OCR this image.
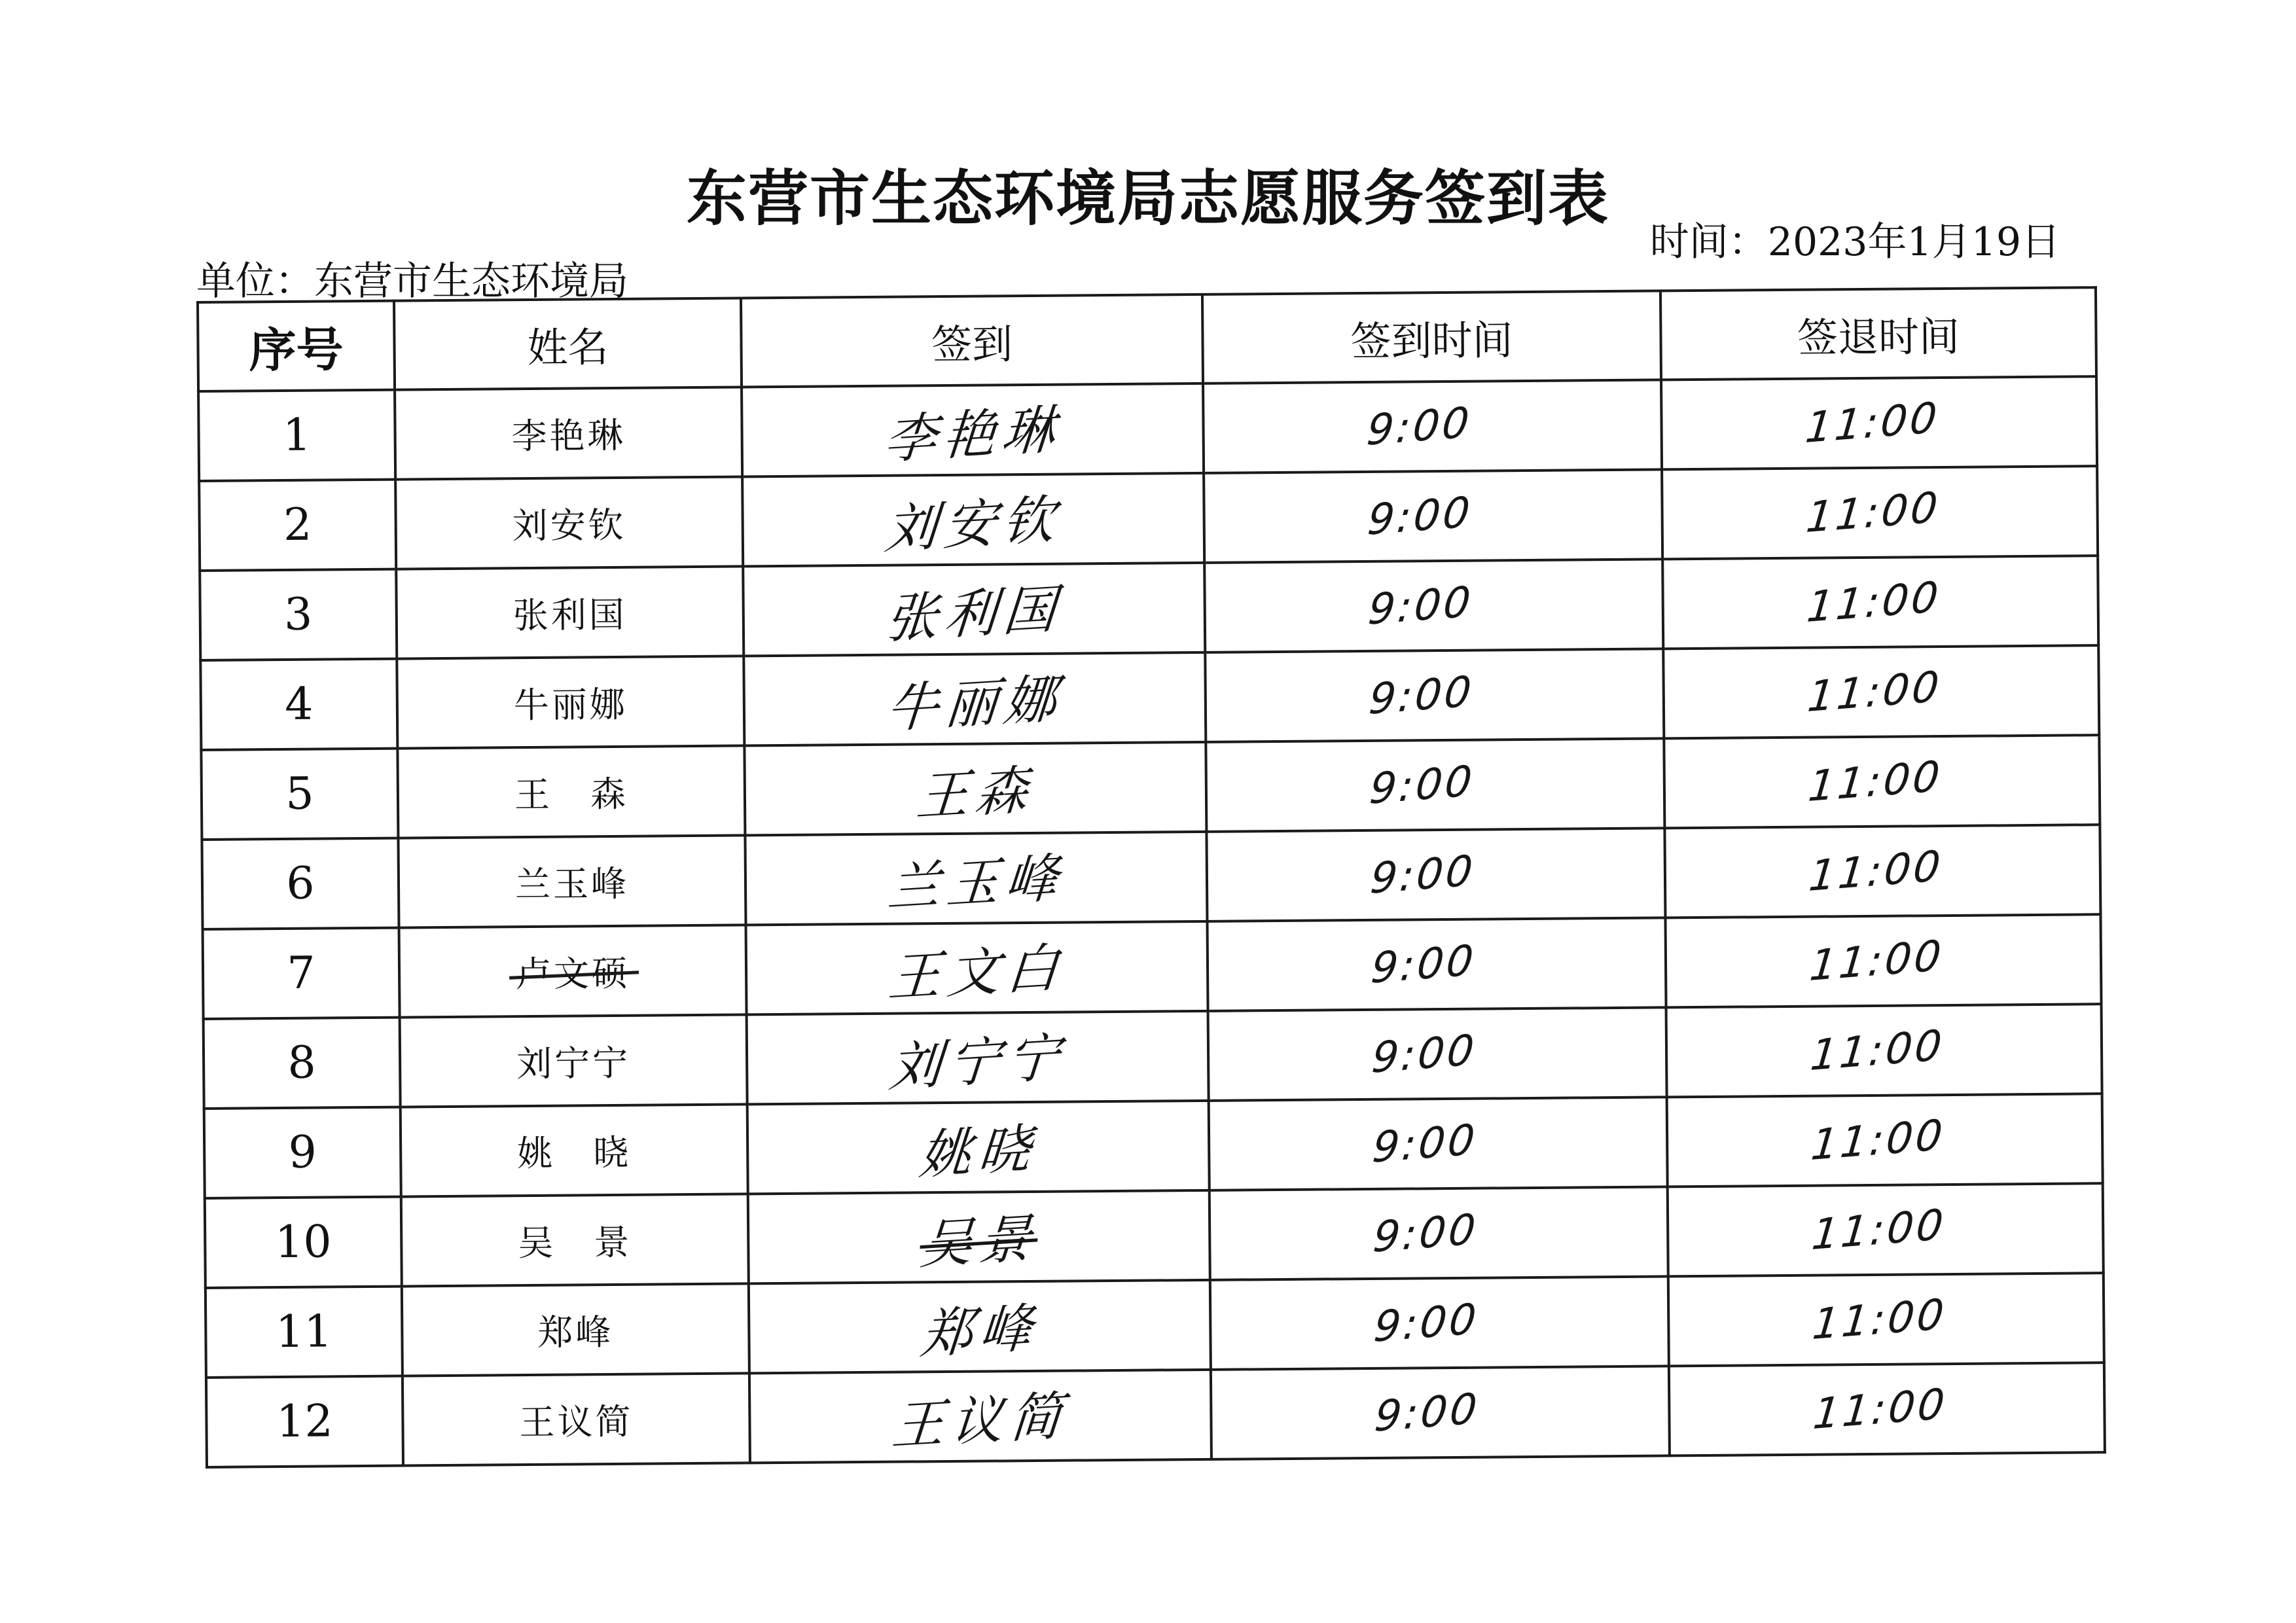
东营市生态环境局志愿服务签到表
时间：2023年1月19日
单位：东营市生态环境局
序号	姓名	签到	签到时间	签退时间
1	李艳琳	李艳琳	9:00	11:00
2	刘安钦	刘安钦	9:00	11:00
3	张利国	张利国	9:00	11:00
4	牛丽娜	牛丽娜	9:00	11:00
5	王　森	王森	9:00	11:00
6	兰玉峰	兰玉峰	9:00	11:00
7	卢文硕	王文白	9:00	11:00
8	刘宁宁	刘宁宁	9:00	11:00
9	姚　晓	姚晓	9:00	11:00
10	吴　景	吴景	9:00	11:00
11	郑峰	郑峰	9:00	11:00
12	王议简	王议简	9:00	11:00
